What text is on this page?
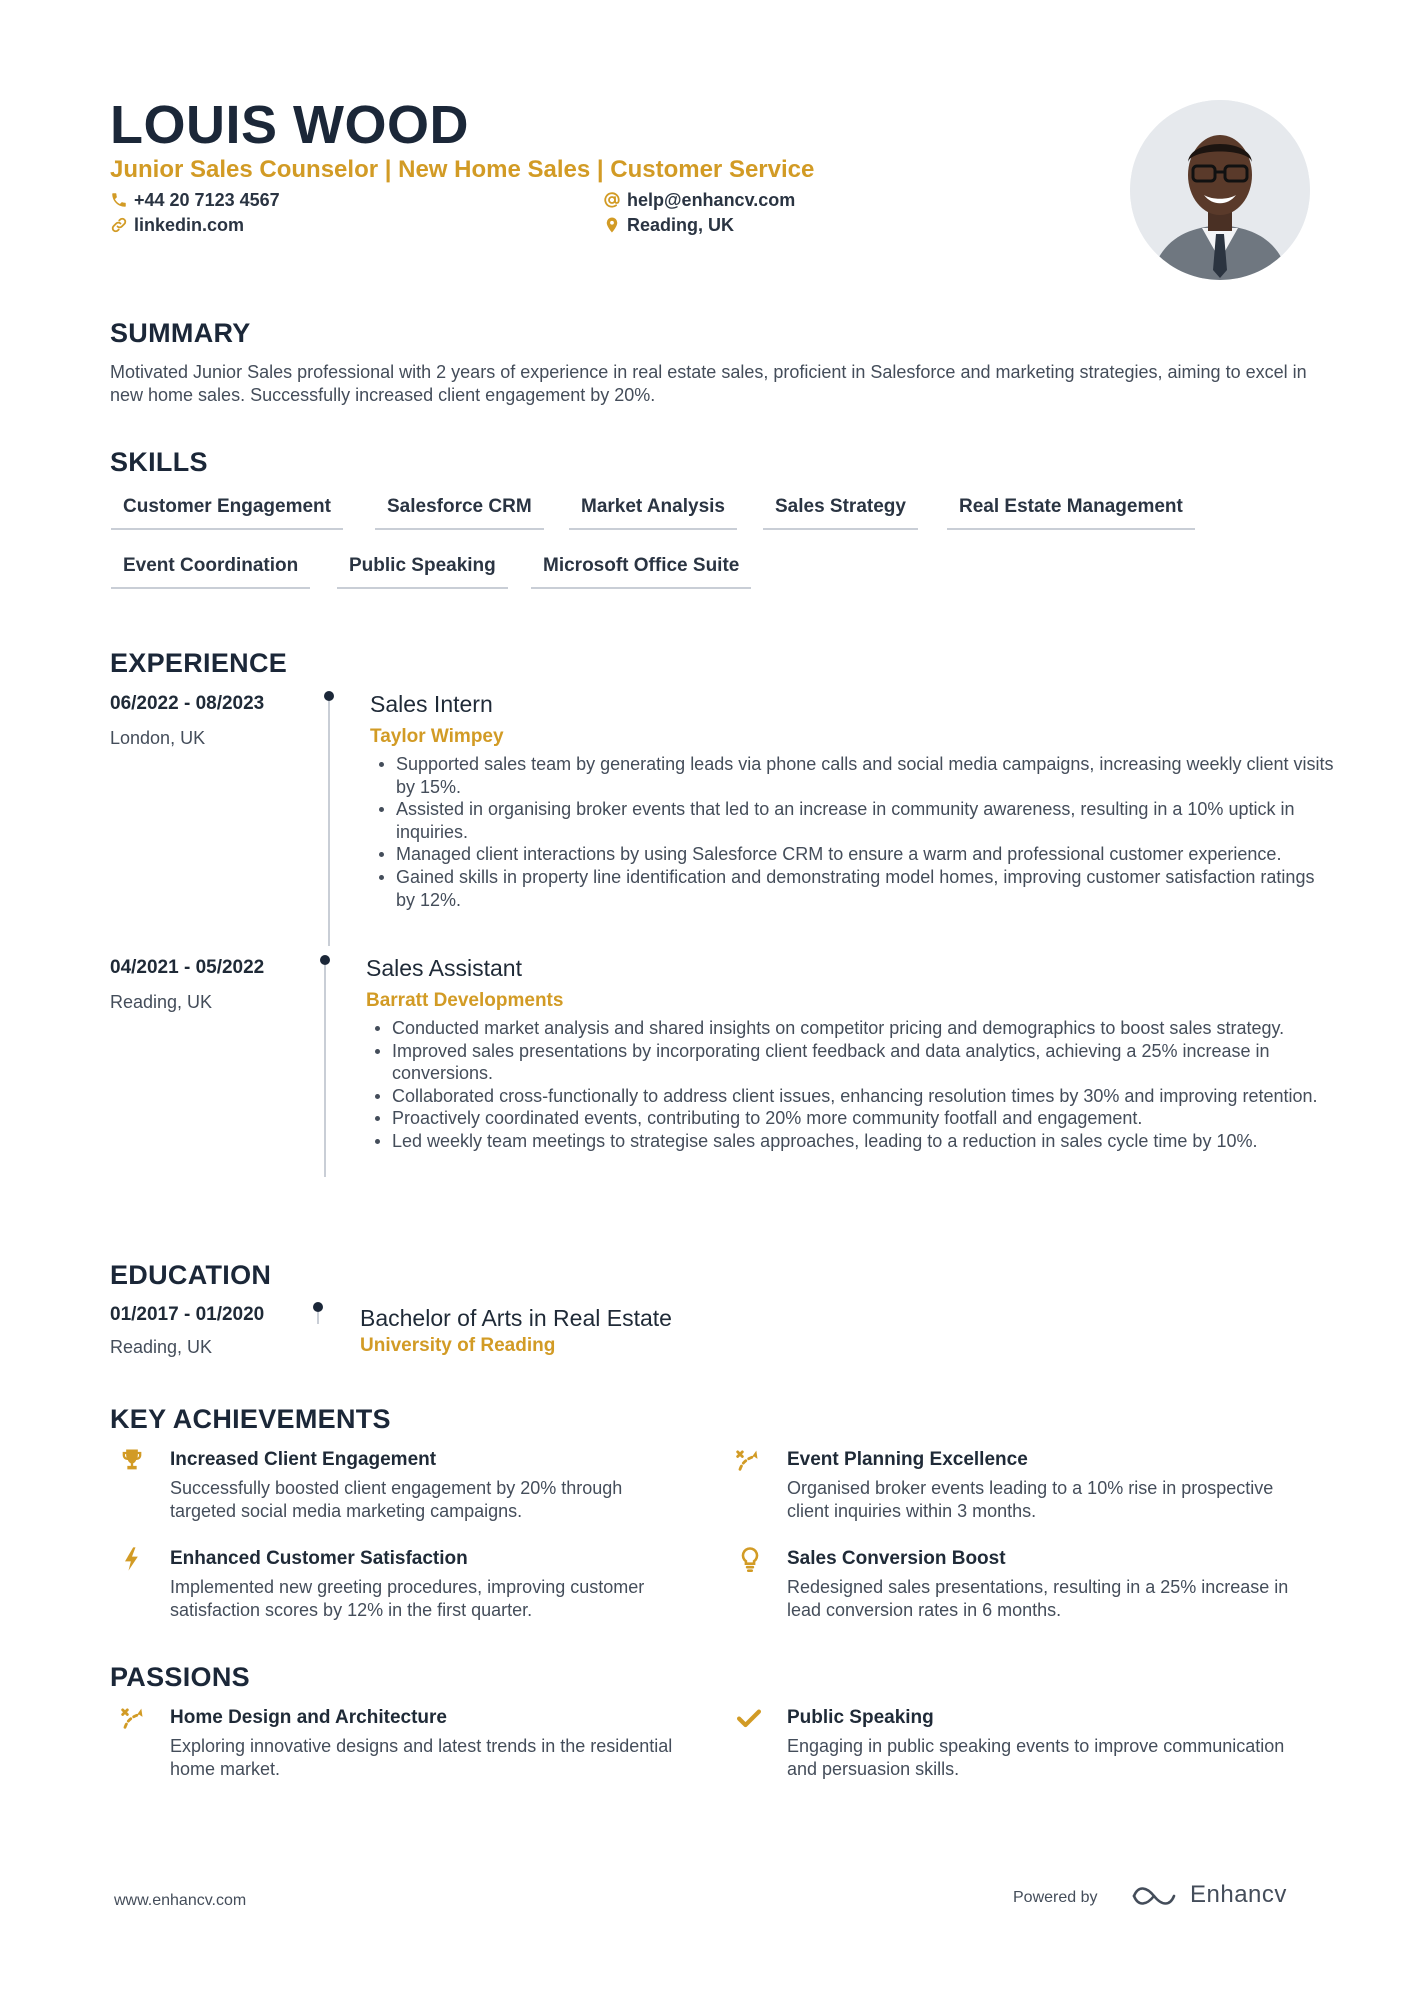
LOUIS WOOD
Junior Sales Counselor | New Home Sales | Customer Service
+44 20 7123 4567	help@enhancv.com
linkedin.com	Reading, UK
SUMMARY
Motivated Junior Sales professional with 2 years of experience in real estate sales, proficient in Salesforce and marketing strategies, aiming to excel in new home sales. Successfully increased client engagement by 20%.
SKILLS
Customer Engagement	Salesforce CRM	Market Analysis	Sales Strategy	Real Estate Management
Event Coordination	Public Speaking	Microsoft Office Suite
EXPERIENCE
06/2022 - 08/2023
London, UK
Sales Intern
Taylor Wimpey
Supported sales team by generating leads via phone calls and social media campaigns, increasing weekly client visits by 15%.
Assisted in organising broker events that led to an increase in community awareness, resulting in a 10% uptick in inquiries.
Managed client interactions by using Salesforce CRM to ensure a warm and professional customer experience.
Gained skills in property line identification and demonstrating model homes, improving customer satisfaction ratings by 12%.
04/2021 - 05/2022
Reading, UK
Sales Assistant
Barratt Developments
Conducted market analysis and shared insights on competitor pricing and demographics to boost sales strategy.
Improved sales presentations by incorporating client feedback and data analytics, achieving a 25% increase in conversions.
Collaborated cross-functionally to address client issues, enhancing resolution times by 30% and improving retention.
Proactively coordinated events, contributing to 20% more community footfall and engagement.
Led weekly team meetings to strategise sales approaches, leading to a reduction in sales cycle time by 10%.
EDUCATION
01/2017 - 01/2020
Reading, UK
Bachelor of Arts in Real Estate
University of Reading
KEY ACHIEVEMENTS
Increased Client Engagement
Successfully boosted client engagement by 20% through targeted social media marketing campaigns.
Event Planning Excellence
Organised broker events leading to a 10% rise in prospective client inquiries within 3 months.
Enhanced Customer Satisfaction
Implemented new greeting procedures, improving customer satisfaction scores by 12% in the first quarter.
Sales Conversion Boost
Redesigned sales presentations, resulting in a 25% increase in lead conversion rates in 6 months.
PASSIONS
Home Design and Architecture
Exploring innovative designs and latest trends in the residential home market.
Public Speaking
Engaging in public speaking events to improve communication and persuasion skills.
www.enhancv.com	Powered by	Enhancv
